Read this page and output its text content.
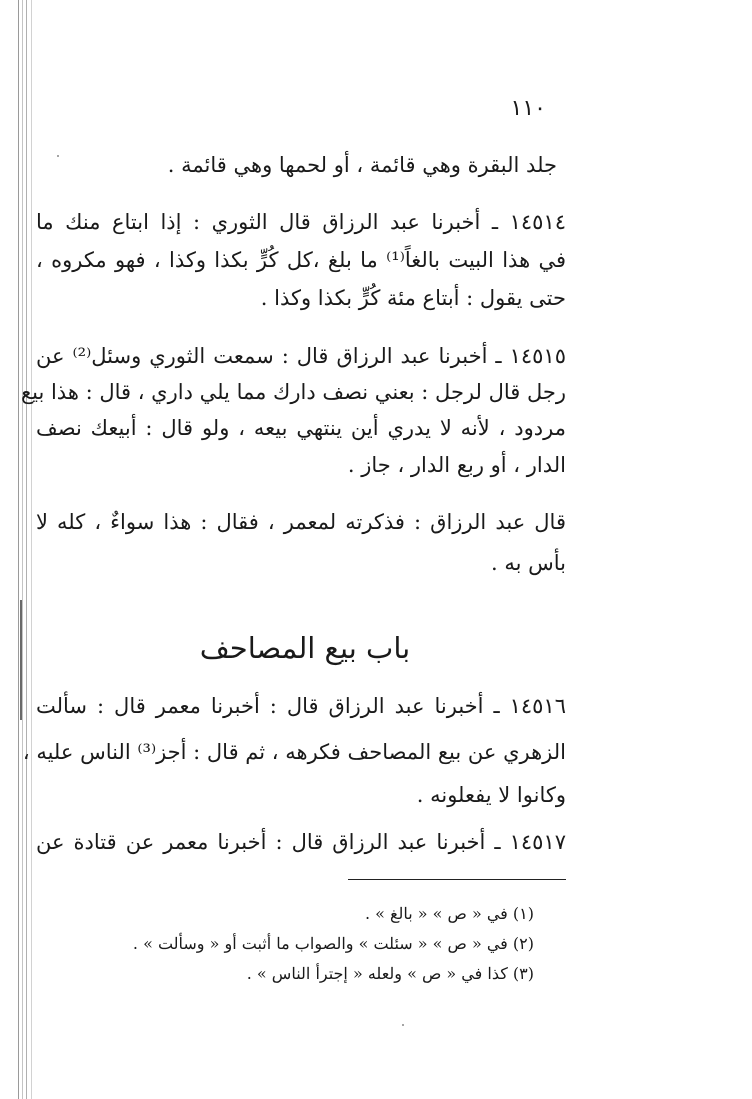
١١٠
جلد البقرة وهي قائمة ، أو لحمها وهي قائمة .
١٤٥١٤ ـ أخبرنا عبد الرزاق قال الثوري : إذا ابتاع منك ما
في هذا البيت بالغاً⁽¹⁾ ما بلغ ،كل كُرٍّ بكذا وكذا ، فهو مكروه ،
حتى يقول : أبتاع مئة كُرٍّ بكذا وكذا .
١٤٥١٥ ـ أخبرنا عبد الرزاق قال : سمعت الثوري وسئل⁽²⁾ عن
رجل قال لرجل : بعني نصف دارك مما يلي داري ، قال : هذا بيع
مردود ، لأنه لا يدري أين ينتهي بيعه ، ولو قال : أبيعك نصف
الدار ، أو ربع الدار ، جاز .
قال عبد الرزاق : فذكرته لمعمر ، فقال : هذا سواءٌ ، كله لا
بأس به .
باب بيع المصاحف
١٤٥١٦ ـ أخبرنا عبد الرزاق قال : أخبرنا معمر قال : سألت
الزهري عن بيع المصاحف فكرهه ، ثم قال : أجز⁽³⁾ الناس عليه ،
وكانوا لا يفعلونه .
١٤٥١٧ ـ أخبرنا عبد الرزاق قال : أخبرنا معمر عن قتادة عن
(١) في « ص » « بالغ » .
(٢) في « ص » « سئلت » والصواب ما أثبت أو « وسألت » .
(٣) كذا في « ص » ولعله « إجترأ الناس » .
